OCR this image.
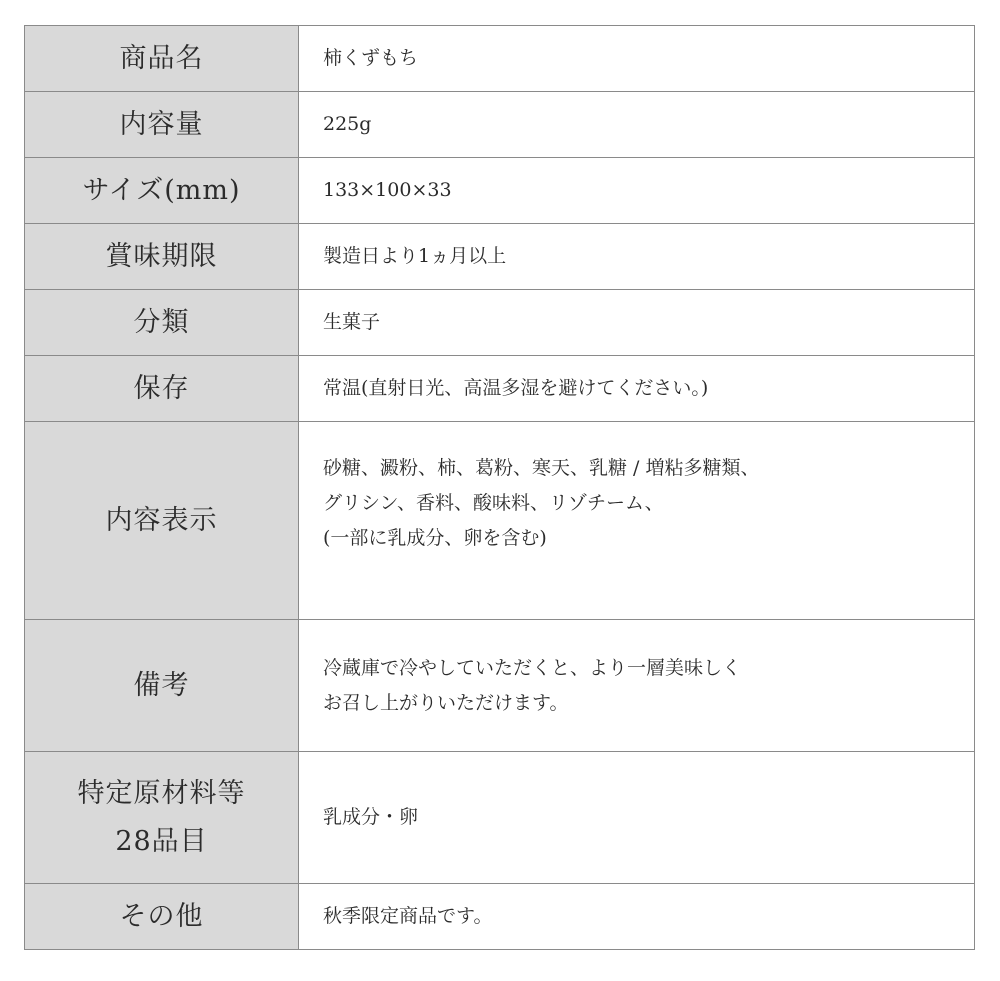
商品名	柿くずもち

内容量	225g

サイズ(mm)	133×100×33

賞味期限	製造日より1ヵ月以上

分類	生菓子

保存	常温(直射日光、高温多湿を避けてください。)

内容表示	砂糖、澱粉、柿、葛粉、寒天、乳糖 / 増粘多糖類、
グリシン、香料、酸味料、リゾチーム、
(一部に乳成分、卵を含む)

備考	冷蔵庫で冷やしていただくと、より一層美味しく
お召し上がりいただけます。

特定原材料等
28品目	乳成分・卵

その他	秋季限定商品です。
